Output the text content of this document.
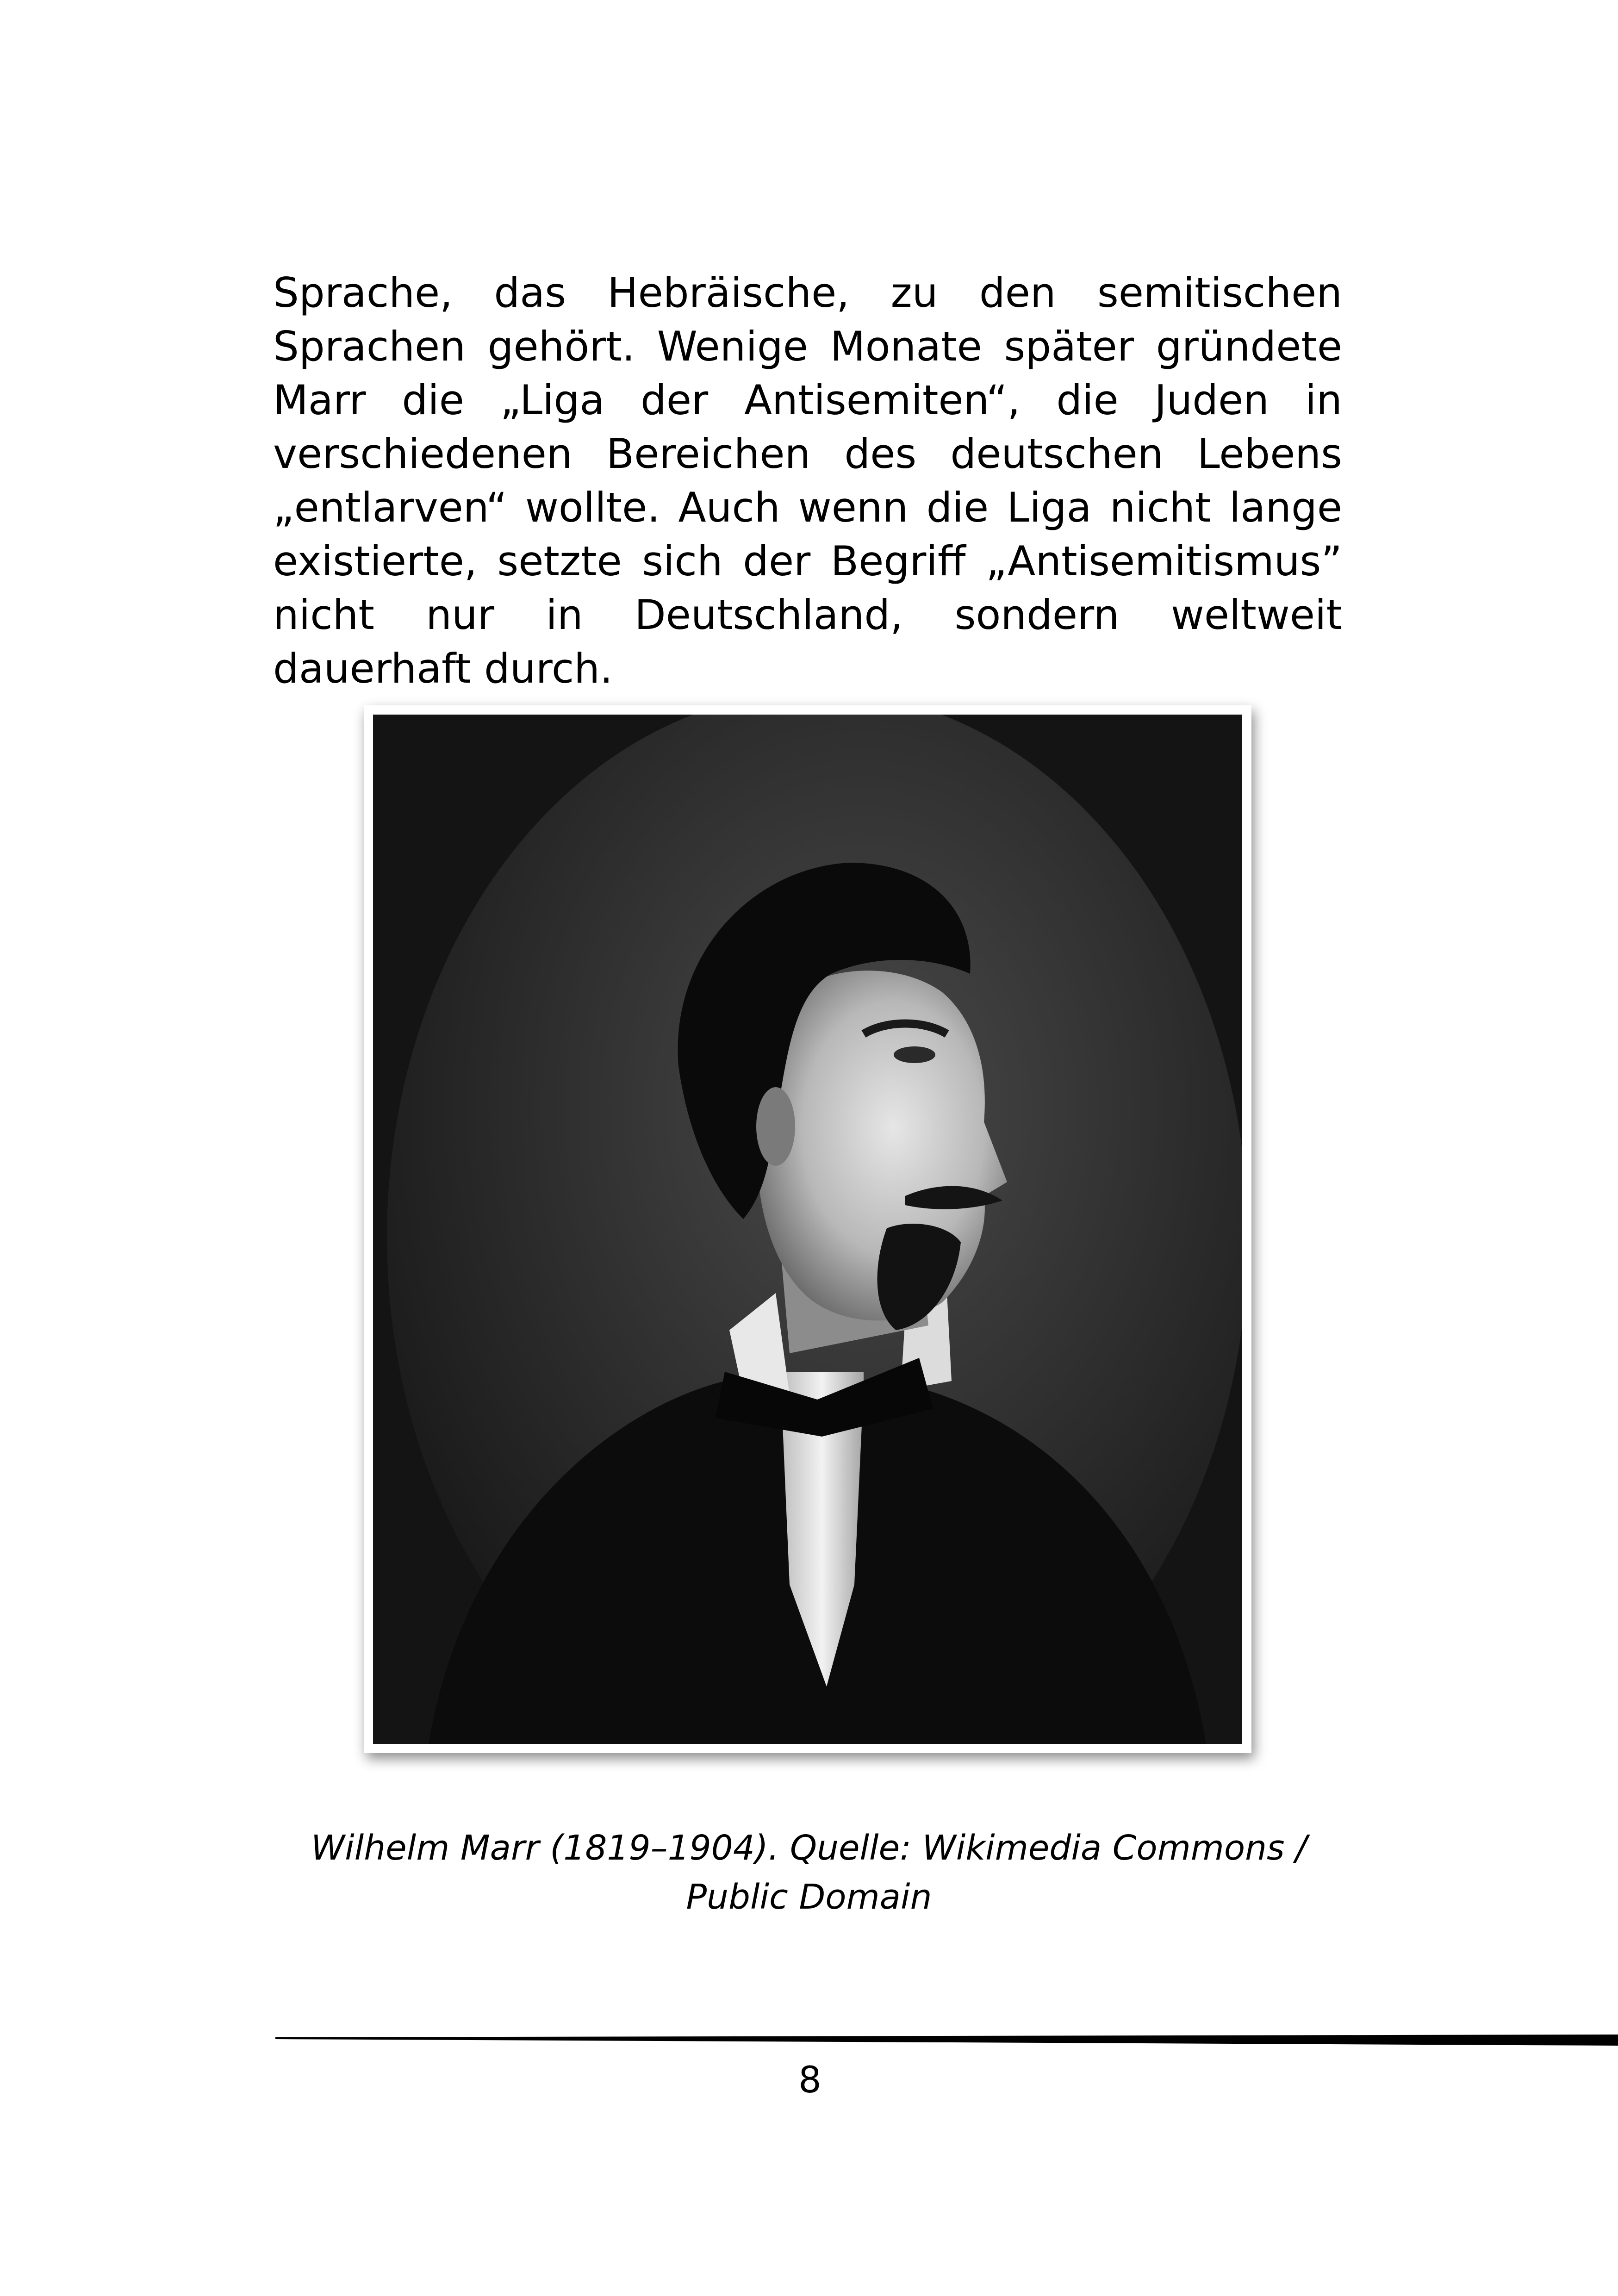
Sprache, das Hebräische, zu den semitischen Sprachen gehört. Wenige Monate später gründete Marr die „Liga der Antisemiten“, die Juden in verschiedenen Bereichen des deutschen Lebens „entlarven“ wollte. Auch wenn die Liga nicht lange existierte, setzte sich der Begriff „Antisemitismus” nicht nur in Deutschland, sondern weltweit dauerhaft durch.

Wilhelm Marr (1819–1904). Quelle: Wikimedia Commons / Public Domain

8
